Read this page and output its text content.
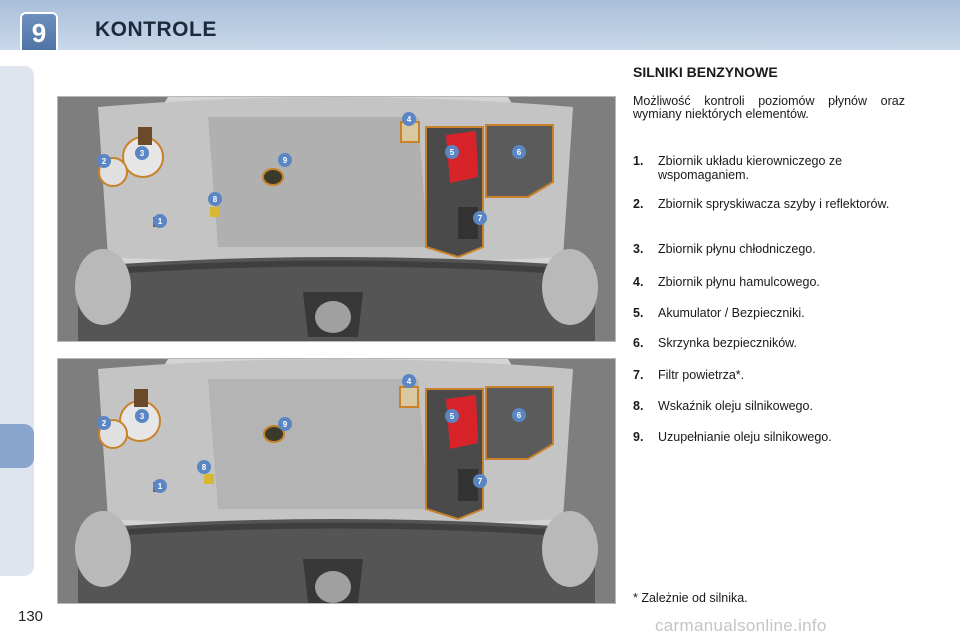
9	KONTROLE
1
2
3
4
5	6
7
8
9
1
2
3
4
5	6
7
8
9
SILNIKI BENZYNOWE
Możliwość kontroli poziomów płynów oraz wymiany niektórych elementów.
1. Zbiornik układu kierowniczego ze wspomaganiem.
2. Zbiornik spryskiwacza szyby i reflektorów.
3. Zbiornik płynu chłodniczego.
4. Zbiornik płynu hamulcowego.
5. Akumulator / Bezpieczniki.
6. Skrzynka bezpieczników.
7. Filtr powietrza*.
8. Wskaźnik oleju silnikowego.
9. Uzupełnianie oleju silnikowego.
* Zależnie od silnika.
130	carmanualsonline.info
